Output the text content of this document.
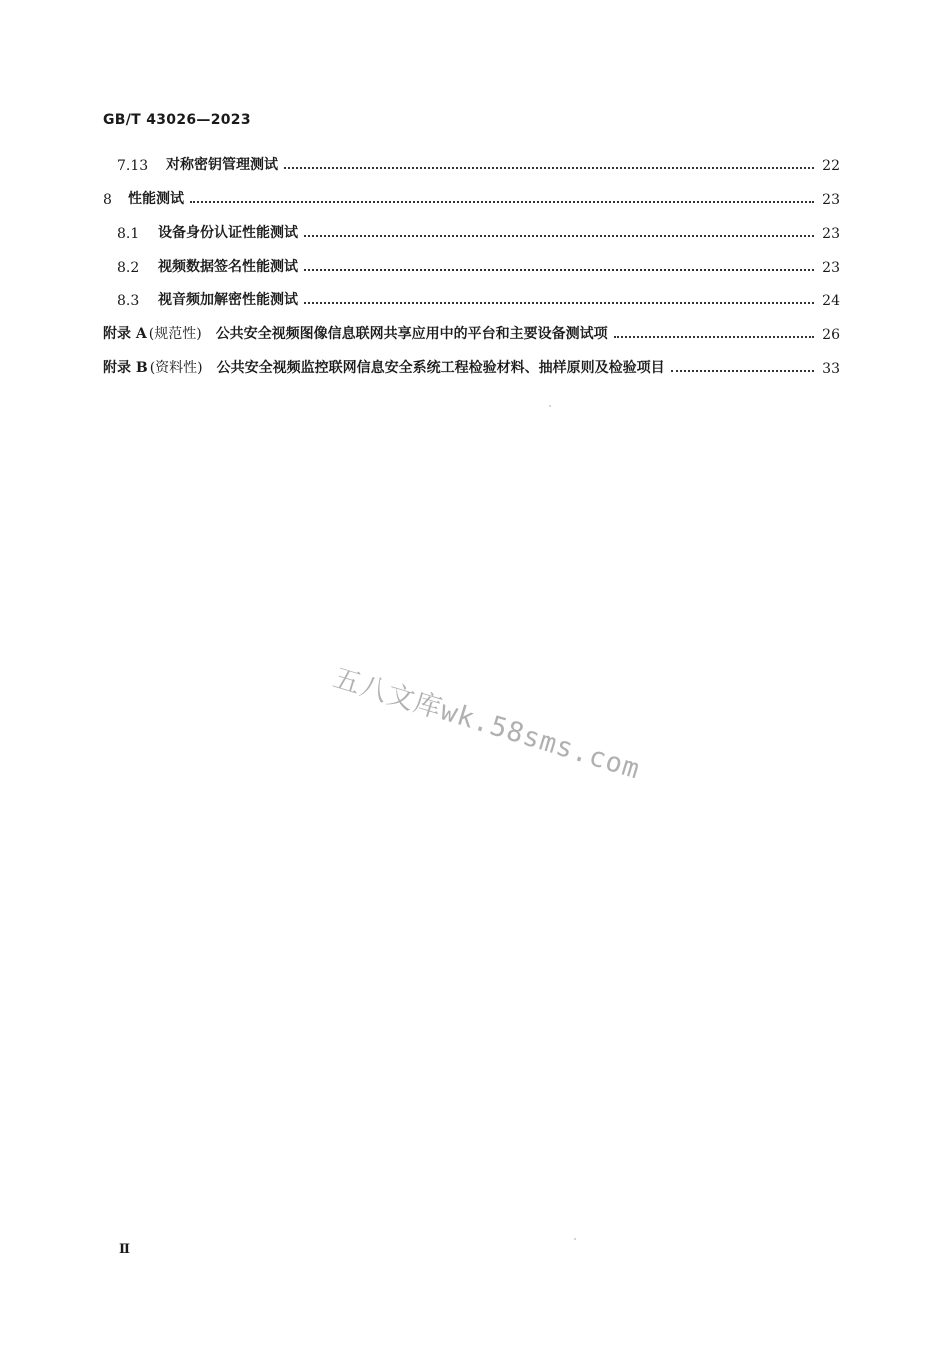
GB/T 43026—2023
7.13	对称密钥管理测试	22
8	性能测试	23
8.1	设备身份认证性能测试	23
8.2	视频数据签名性能测试	23
8.3	视音频加解密性能测试	24
附录 A (规范性) 公共安全视频图像信息联网共享应用中的平台和主要设备测试项	26
附录 B (资料性) 公共安全视频监控联网信息安全系统工程检验材料、抽样原则及检验项目	33
五八文库wk.58sms.com
Ⅱ
